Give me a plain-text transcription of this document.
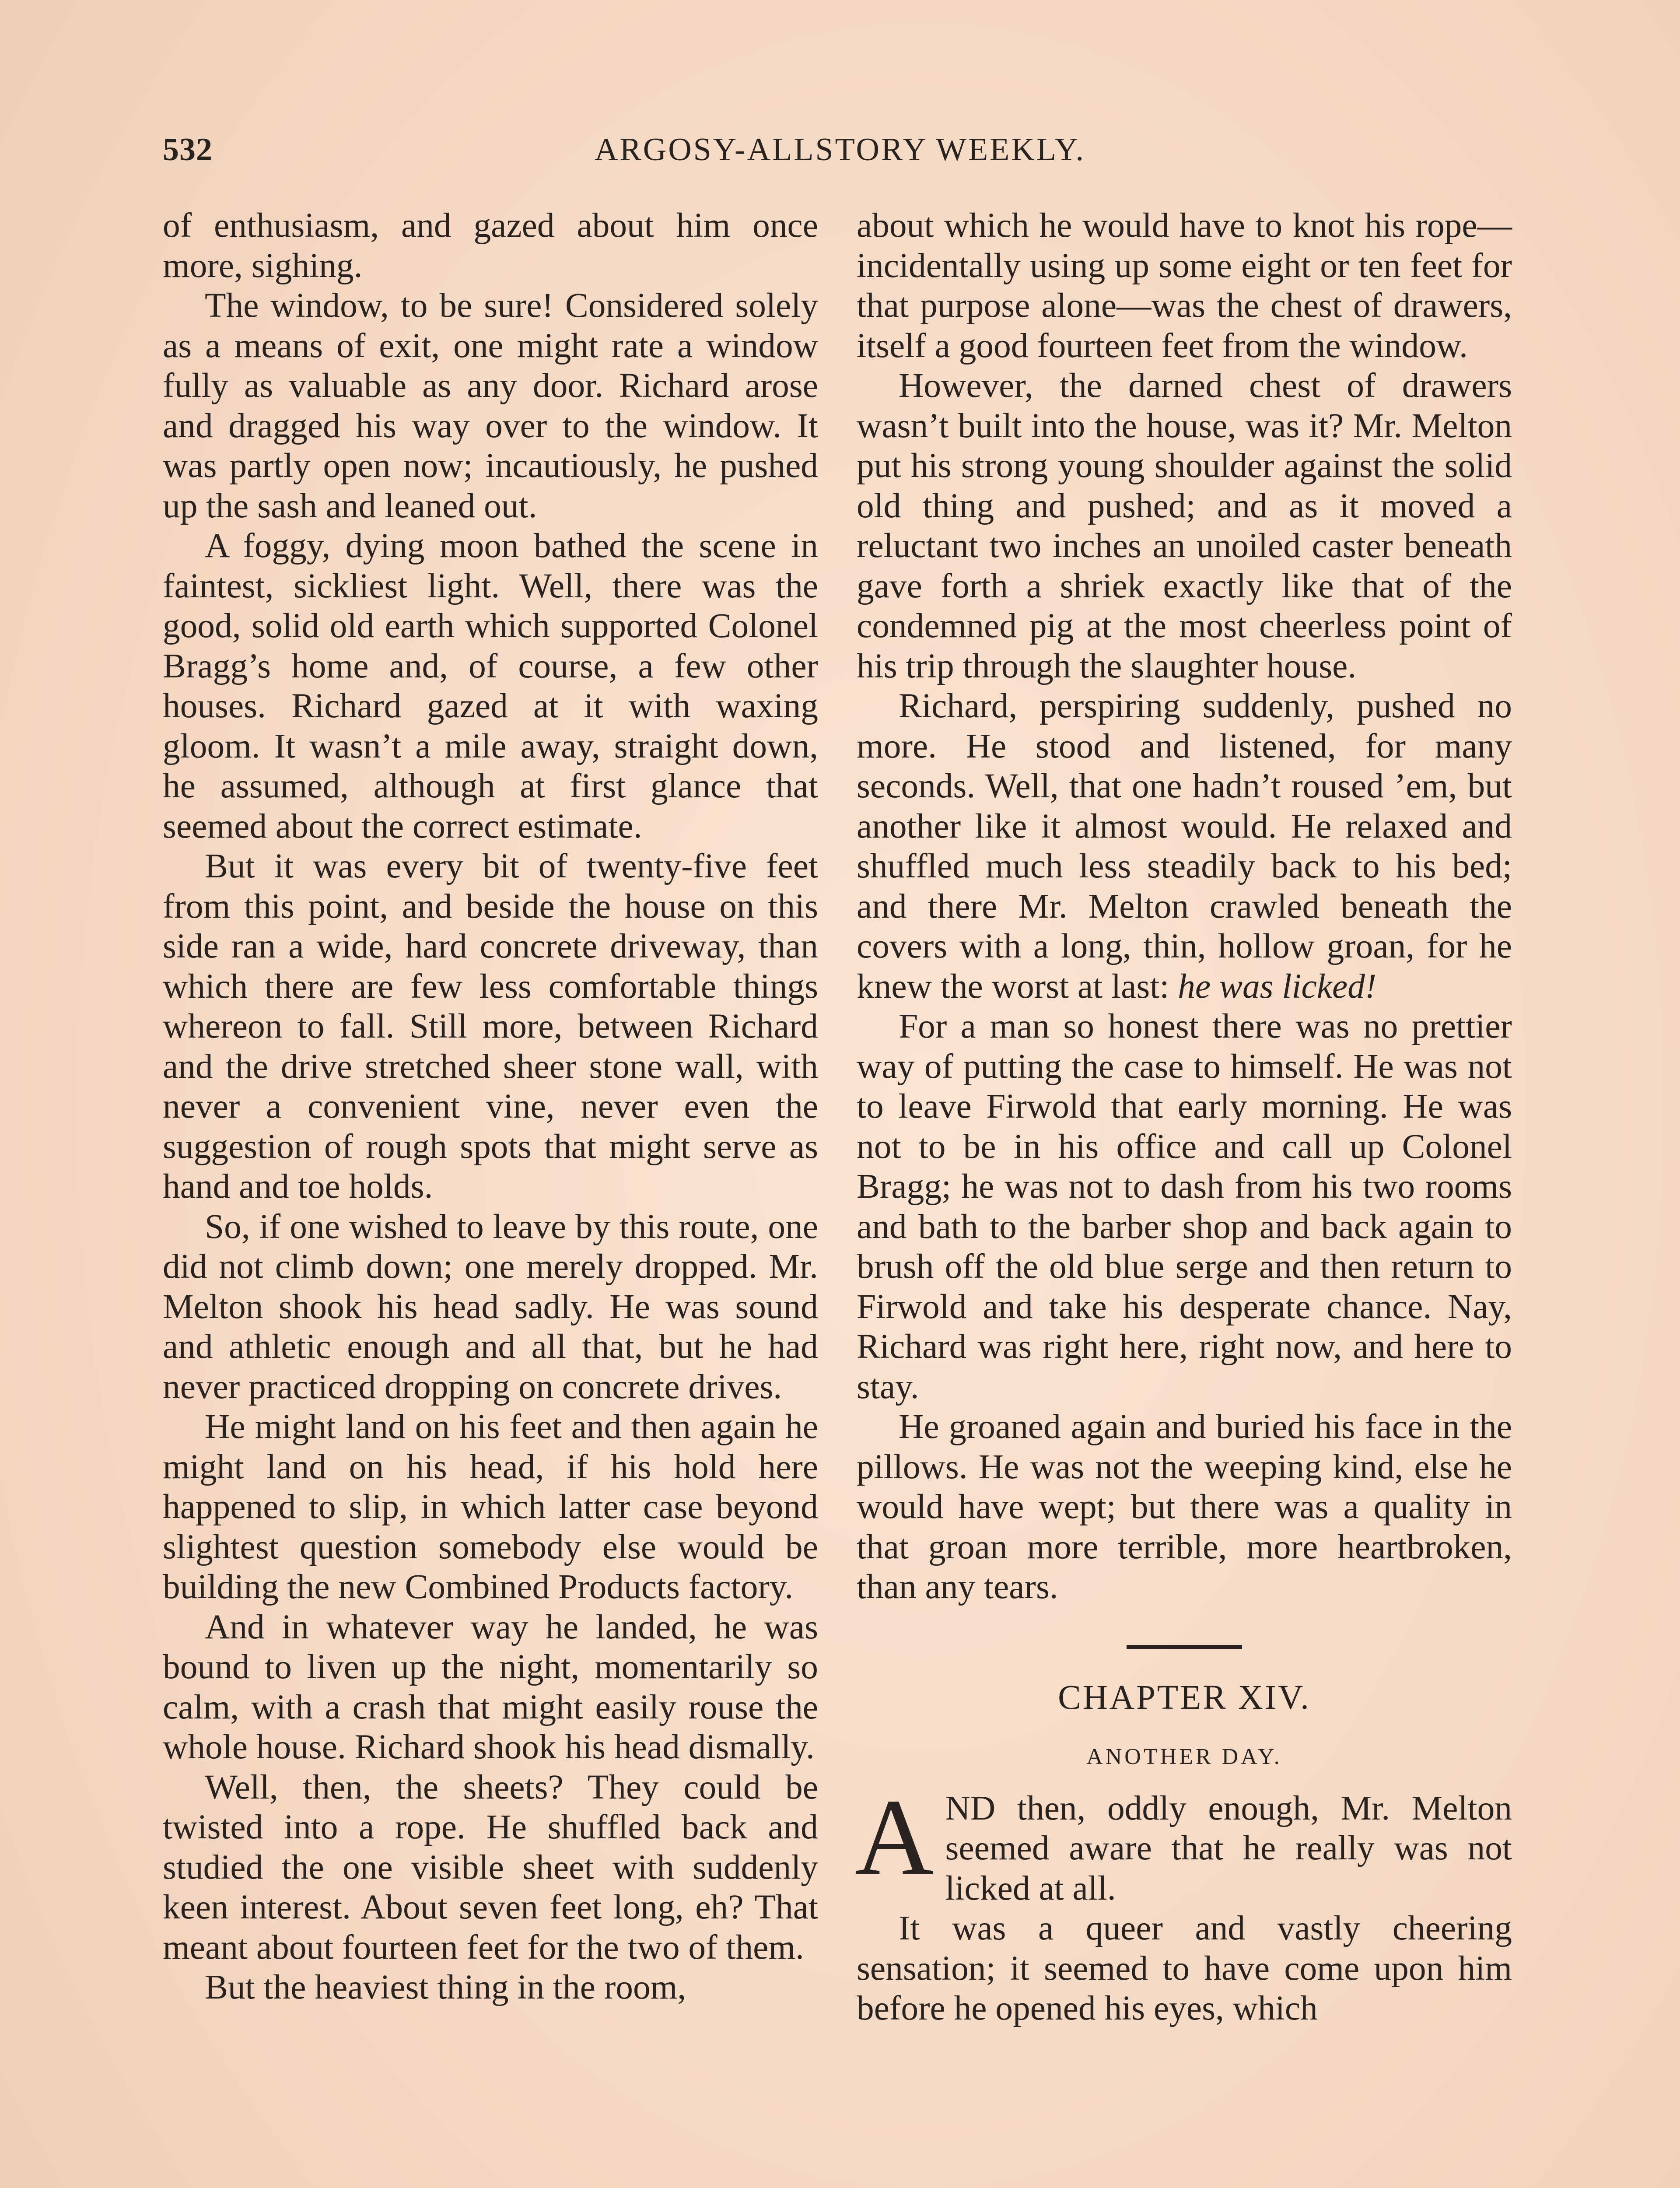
532	ARGOSY-ALLSTORY WEEKLY.

of enthusiasm, and gazed about him once more, sighing.

The window, to be sure! Considered solely as a means of exit, one might rate a window fully as valuable as any door. Richard arose and dragged his way over to the window. It was partly open now; incautiously, he pushed up the sash and leaned out.

A foggy, dying moon bathed the scene in faintest, sickliest light. Well, there was the good, solid old earth which supported Colonel Bragg’s home and, of course, a few other houses. Richard gazed at it with waxing gloom. It wasn’t a mile away, straight down, he assumed, although at first glance that seemed about the correct estimate.

But it was every bit of twenty-five feet from this point, and beside the house on this side ran a wide, hard concrete driveway, than which there are few less comfortable things whereon to fall. Still more, between Richard and the drive stretched sheer stone wall, with never a convenient vine, never even the suggestion of rough spots that might serve as hand and toe holds.

So, if one wished to leave by this route, one did not climb down; one merely dropped. Mr. Melton shook his head sadly. He was sound and athletic enough and all that, but he had never practiced dropping on concrete drives.

He might land on his feet and then again he might land on his head, if his hold here happened to slip, in which latter case beyond slightest question somebody else would be building the new Combined Products factory.

And in whatever way he landed, he was bound to liven up the night, momentarily so calm, with a crash that might easily rouse the whole house. Richard shook his head dismally.

Well, then, the sheets? They could be twisted into a rope. He shuffled back and studied the one visible sheet with suddenly keen interest. About seven feet long, eh? That meant about fourteen feet for the two of them.

But the heaviest thing in the room,

about which he would have to knot his rope—incidentally using up some eight or ten feet for that purpose alone—was the chest of drawers, itself a good fourteen feet from the window.

However, the darned chest of drawers wasn’t built into the house, was it? Mr. Melton put his strong young shoulder against the solid old thing and pushed; and as it moved a reluctant two inches an unoiled caster beneath gave forth a shriek exactly like that of the condemned pig at the most cheerless point of his trip through the slaughter house.

Richard, perspiring suddenly, pushed no more. He stood and listened, for many seconds. Well, that one hadn’t roused ’em, but another like it almost would. He relaxed and shuffled much less steadily back to his bed; and there Mr. Melton crawled beneath the covers with a long, thin, hollow groan, for he knew the worst at last: he was licked!

For a man so honest there was no prettier way of putting the case to himself. He was not to leave Firwold that early morning. He was not to be in his office and call up Colonel Bragg; he was not to dash from his two rooms and bath to the barber shop and back again to brush off the old blue serge and then return to Firwold and take his desperate chance. Nay, Richard was right here, right now, and here to stay.

He groaned again and buried his face in the pillows. He was not the weeping kind, else he would have wept; but there was a quality in that groan more terrible, more heartbroken, than any tears.

CHAPTER XIV.
ANOTHER DAY.

AND then, oddly enough, Mr. Melton seemed aware that he really was not licked at all.

It was a queer and vastly cheering sensation; it seemed to have come upon him before he opened his eyes, which
